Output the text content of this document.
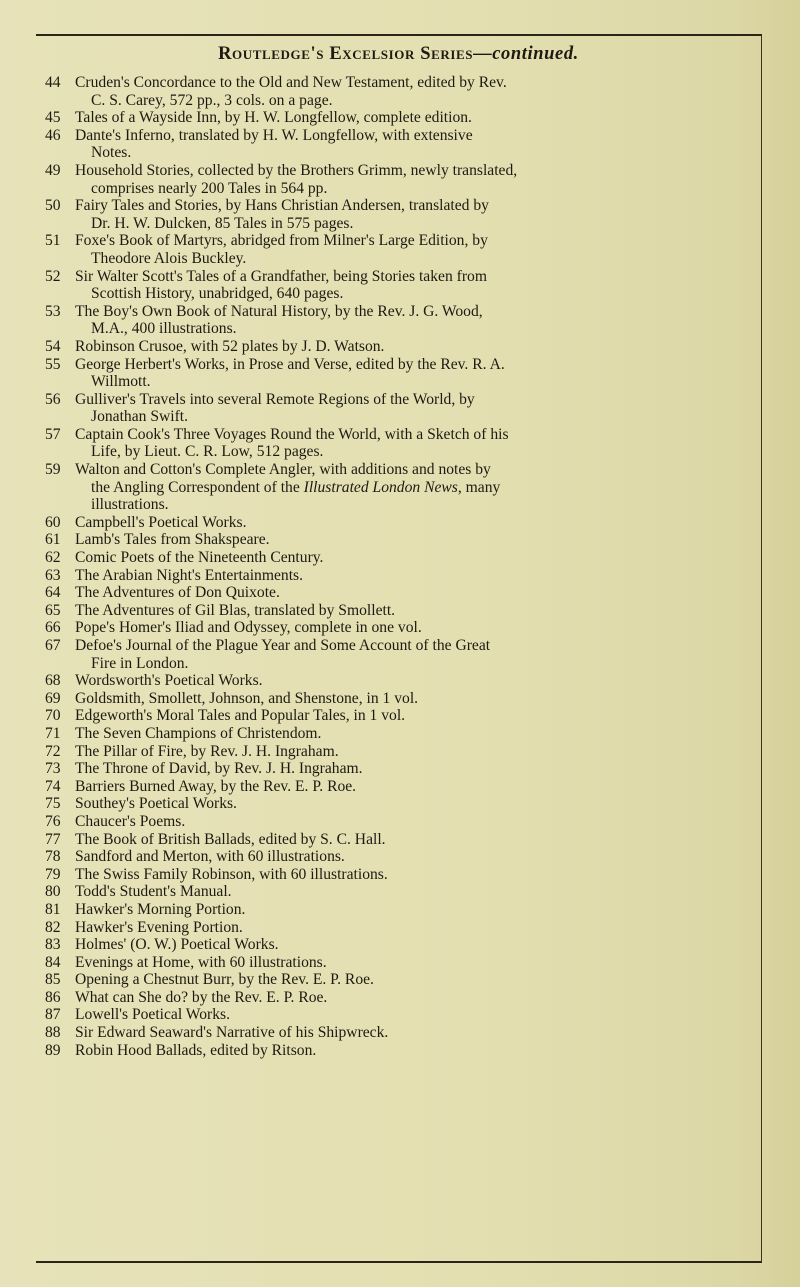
Routledge's Excelsior Series—continued.
44 Cruden's Concordance to the Old and New Testament, edited by Rev.
C. S. Carey, 572 pp., 3 cols. on a page.
45 Tales of a Wayside Inn, by H. W. Longfellow, complete edition.
46 Dante's Inferno, translated by H. W. Longfellow, with extensive
Notes.
49 Household Stories, collected by the Brothers Grimm, newly translated,
comprises nearly 200 Tales in 564 pp.
50 Fairy Tales and Stories, by Hans Christian Andersen, translated by
Dr. H. W. Dulcken, 85 Tales in 575 pages.
51 Foxe's Book of Martyrs, abridged from Milner's Large Edition, by
Theodore Alois Buckley.
52 Sir Walter Scott's Tales of a Grandfather, being Stories taken from
Scottish History, unabridged, 640 pages.
53 The Boy's Own Book of Natural History, by the Rev. J. G. Wood,
M.A., 400 illustrations.
54 Robinson Crusoe, with 52 plates by J. D. Watson.
55 George Herbert's Works, in Prose and Verse, edited by the Rev. R. A.
Willmott.
56 Gulliver's Travels into several Remote Regions of the World, by
Jonathan Swift.
57 Captain Cook's Three Voyages Round the World, with a Sketch of his
Life, by Lieut. C. R. Low, 512 pages.
59 Walton and Cotton's Complete Angler, with additions and notes by
the Angling Correspondent of the Illustrated London News, many
illustrations.
60 Campbell's Poetical Works.
61 Lamb's Tales from Shakspeare.
62 Comic Poets of the Nineteenth Century.
63 The Arabian Night's Entertainments.
64 The Adventures of Don Quixote.
65 The Adventures of Gil Blas, translated by Smollett.
66 Pope's Homer's Iliad and Odyssey, complete in one vol.
67 Defoe's Journal of the Plague Year and Some Account of the Great
Fire in London.
68 Wordsworth's Poetical Works.
69 Goldsmith, Smollett, Johnson, and Shenstone, in 1 vol.
70 Edgeworth's Moral Tales and Popular Tales, in 1 vol.
71 The Seven Champions of Christendom.
72 The Pillar of Fire, by Rev. J. H. Ingraham.
73 The Throne of David, by Rev. J. H. Ingraham.
74 Barriers Burned Away, by the Rev. E. P. Roe.
75 Southey's Poetical Works.
76 Chaucer's Poems.
77 The Book of British Ballads, edited by S. C. Hall.
78 Sandford and Merton, with 60 illustrations.
79 The Swiss Family Robinson, with 60 illustrations.
80 Todd's Student's Manual.
81 Hawker's Morning Portion.
82 Hawker's Evening Portion.
83 Holmes' (O. W.) Poetical Works.
84 Evenings at Home, with 60 illustrations.
85 Opening a Chestnut Burr, by the Rev. E. P. Roe.
86 What can She do? by the Rev. E. P. Roe.
87 Lowell's Poetical Works.
88 Sir Edward Seaward's Narrative of his Shipwreck.
89 Robin Hood Ballads, edited by Ritson.
